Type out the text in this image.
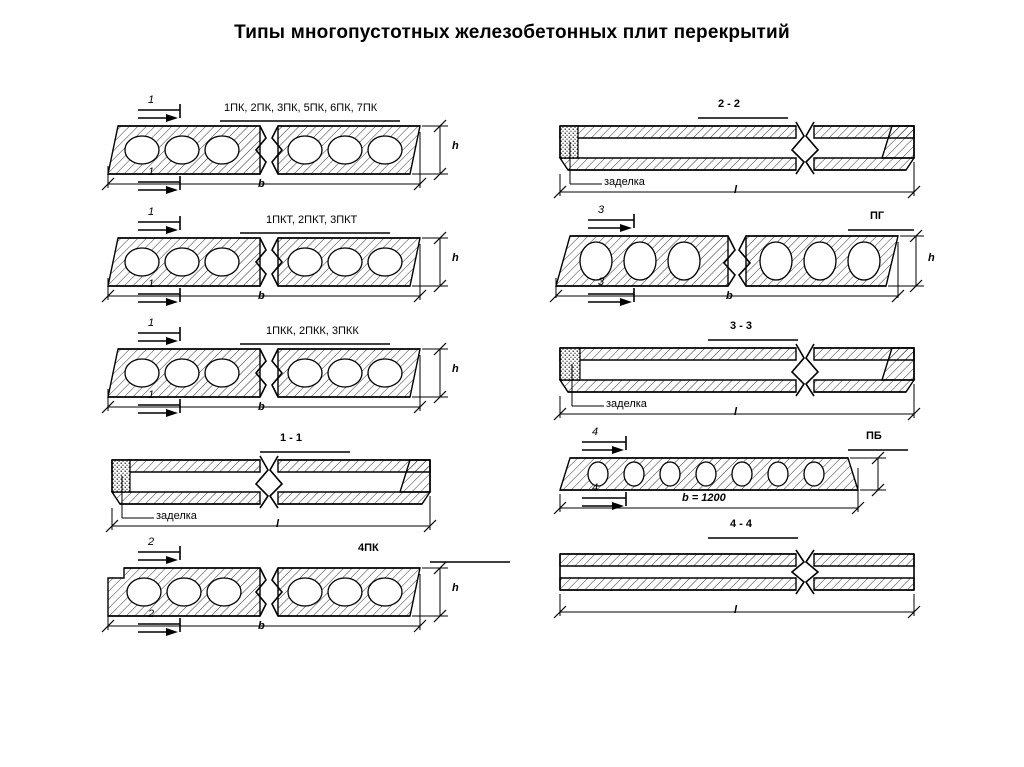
Типы многопустотных железобетонных плит перекрытий
1ПК, 2ПК, 3ПК, 5ПК, 6ПК, 7ПК
1
1
b
h
1ПКТ, 2ПКТ, 3ПКТ
1
1
b
h
1ПКК, 2ПКК, 3ПКК
1
1
b
h
1 - 1
заделка
l
4ПК
2
2
b
h
2 - 2
заделка
l
ПГ
3
3
b
h
3 - 3
заделка
l
ПБ
4
4
b = 1200
4 - 4
l
